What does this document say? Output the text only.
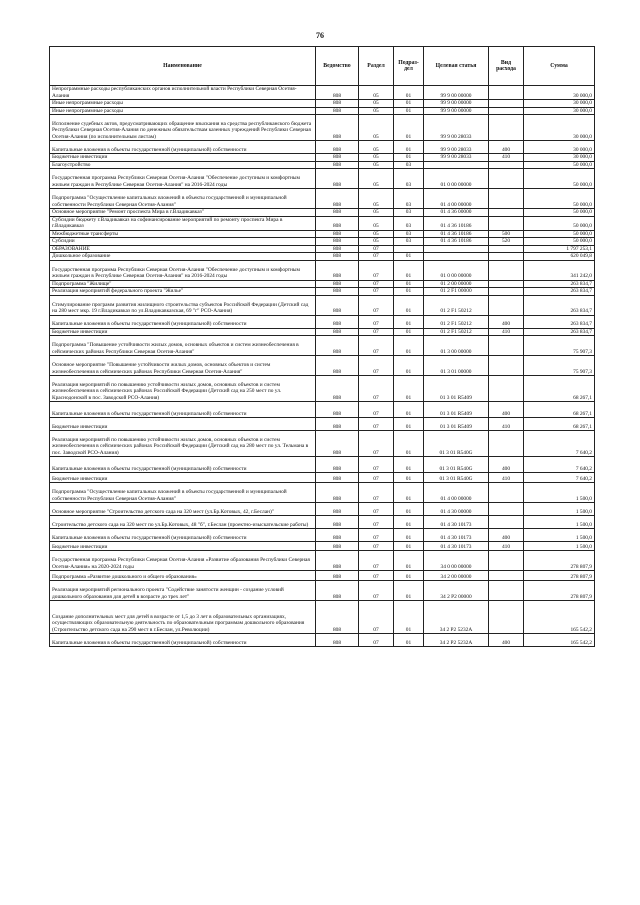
76
Наименование	Ведомство	Раздел	Подраз-дел	Целевая статья	Вид расхода	Сумма
Непрограммные расходы республиканских органов исполнительной власти Республики Северная Осетия-Алания	808	05	01	99 9 00 00000		30 000,0
Иные непрограммные расходы	808	05	01	99 9 00 00000		30 000,0
Иные непрограммные расходы	808	05	01	99 9 00 00000		30 000,0
Исполнение судебных актов, предусматривающих обращение взыскания на средства республиканского бюджета Республики Северная Осетия-Алания по денежным обязательствам казенных учреждений Республики Северная Осетия-Алания (по исполнительным листам)	808	05	01	99 9 00 28033		30 000,0
Капитальные вложения в объекты государственной (муниципальной) собственности	808	05	01	99 9 00 28033	400	30 000,0
Бюджетные инвестиции	808	05	01	99 9 00 28033	410	30 000,0
Благоустройство	808	05	03			50 000,0
Государственная программа Республики Северная Осетия-Алания "Обеспечение доступным и комфортным жильем граждан в Республике Северная Осетия-Алания" на 2016-2024 годы	808	05	03	01 0 00 00000		50 000,0
Подпрограмма "Осуществление капитальных вложений в объекты государственной и муниципальной собственности Республики Северная Осетия-Алания"	808	05	03	01 4 00 00000		50 000,0
Основное мероприятие "Ремонт проспекта Мира в г.Владикавказ"	808	05	03	01 4 36 00000		50 000,0
Субсидии бюджету г.Владикавказ на софинансирование мероприятий по ремонту проспекта Мира в г.Владикавказ	808	05	03	01 4 36 10186		50 000,0
Межбюджетные трансферты	808	05	03	01 4 36 10186	500	50 000,0
Субсидии	808	05	03	01 4 36 10186	520	50 000,0
ОБРАЗОВАНИЕ	808	07				1 797 253,1
Дошкольное образование	808	07	01			620 049,8
Государственная программа Республики Северная Осетия-Алания "Обеспечение доступным и комфортным жильем граждан в Республике Северная Осетия-Алания" на 2016-2024 годы	808	07	01	01 0 00 00000		341 242,0
Подпрограмма "Жилище"	808	07	01	01 2 00 00000		263 834,7
Реализация мероприятий федерального проекта "Жилье"	808	07	01	01 2 F1 00000		263 834,7
Стимулирование программ развития жилищного строительства субъектов Российской Федерации (Детский сад на 280 мест мкр. 19 г.Владикавказ по ул.Владикавказская, 69 "г" РСО-Алания)	808	07	01	01 2 F1 50212		263 834,7
Капитальные вложения в объекты государственной (муниципальной) собственности	808	07	01	01 2 F1 50212	400	263 834,7
Бюджетные инвестиции	808	07	01	01 2 F1 50212	410	263 834,7
Подпрограмма "Повышение устойчивости жилых домов, основных объектов и систем жизнеобеспечения в сейсмических районах Республики Северная Осетия-Алания"	808	07	01	01 3 00 00000		75 907,3
Основное мероприятие "Повышение устойчивости жилых домов, основных объектов и систем жизнеобеспечения в сейсмических районах Республики Северная Осетия-Алания"	808	07	01	01 3 01 00000		75 907,3
Реализация мероприятий по повышению устойчивости жилых домов, основных объектов и систем жизнеобеспечения в сейсмических районах Российской Федерации (Детский сад на 250 мест по ул. Краснодонской в пос. Заводской РСО-Алания)	808	07	01	01 3 01 R5409		68 267,1
Капитальные вложения в объекты государственной (муниципальной) собственности	808	07	01	01 3 01 R5409	400	68 267,1
Бюджетные инвестиции	808	07	01	01 3 01 R5409	410	68 267,1
Реализация мероприятий по повышению устойчивости жилых домов, основных объектов и систем жизнеобеспечения в сейсмических районах Российской Федерации (Детский сад на 280 мест по ул. Тельмана в пос. Заводской РСО-Алания)	808	07	01	01 3 01 R540G		7 640,2
Капитальные вложения в объекты государственной (муниципальной) собственности	808	07	01	01 3 01 R540G	400	7 640,2
Бюджетные инвестиции	808	07	01	01 3 01 R540G	410	7 640,2
Подпрограмма "Осуществление капитальных вложений в объекты государственной и муниципальной собственности Республики Северная Осетия-Алания"	808	07	01	01 4 00 00000		1 500,0
Основное мероприятие "Строительство детского сада на 320 мест (ул.Бр.Котовых, 42, г.Беслан)"	808	07	01	01 4 30 00000		1 500,0
Строительство детского сада на 320 мест по ул.Бр.Котовых, 48 "б", г.Беслан (проектно-изыскательские работы)	808	07	01	01 4 30 10173		1 500,0
Капитальные вложения в объекты государственной (муниципальной) собственности	808	07	01	01 4 30 10173	400	1 500,0
Бюджетные инвестиции	808	07	01	01 4 30 10173	410	1 500,0
Государственная программа Республики Северная Осетия-Алания «Развитие образования Республики Северная Осетия-Алания» на 2020-2024 годы	808	07	01	34 0 00 00000		278 807,9
Подпрограмма «Развитие дошкольного и общего образования»	808	07	01	34 2 00 00000		278 807,9
Реализация мероприятий регионального проекта "Содействие занятости женщин - создание условий дошкольного образования для детей в возрасте до трех лет"	808	07	01	34 2 P2 00000		278 807,9
Создание дополнительных мест для детей в возрасте от 1,5 до 3 лет в образовательных организациях, осуществляющих образовательную деятельность по образовательным программам дошкольного образования (Строительство детского сада на 290 мест в г.Беслан, ул.Революции)	808	07	01	34 2 P2 5232A		165 542,2
Капитальные вложения в объекты государственной (муниципальной) собственности	808	07	01	34 2 P2 5232A	400	165 542,2
